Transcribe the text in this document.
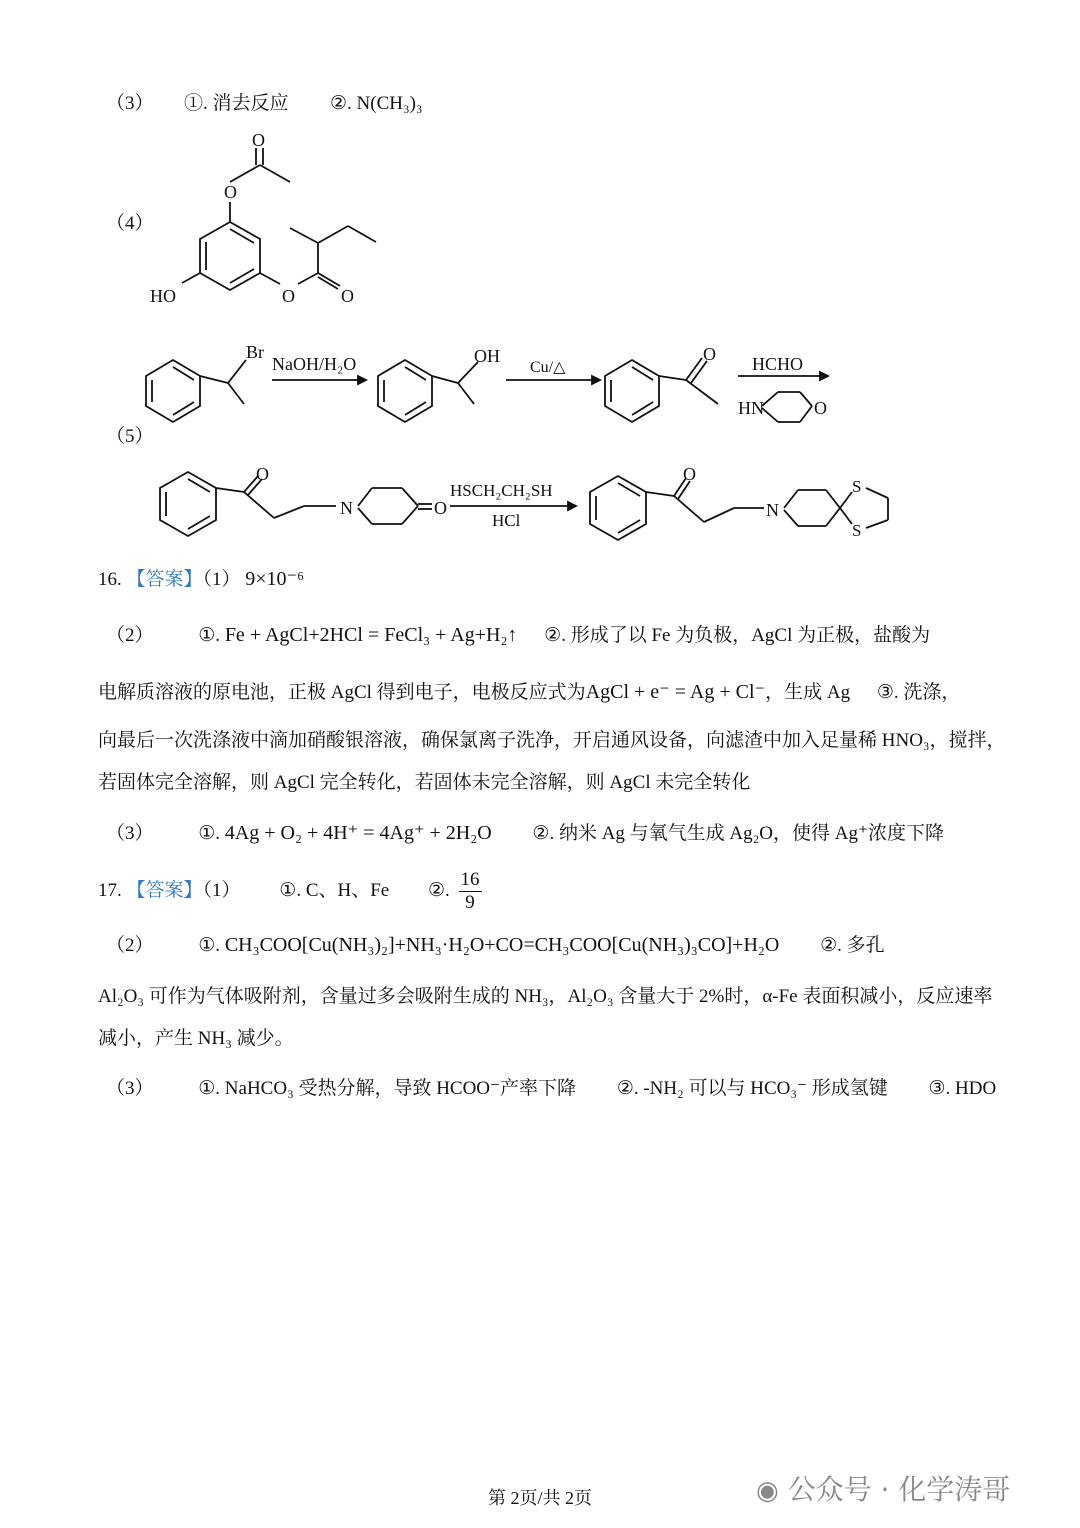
（3） ①. 消去反应 ②. N(CH₃)₃
（4）
O
O
HO	O	O
（5）
Br
NaOH/H₂O	OH
Cu/△
O HCHO
HN	O
O
N	O
HSCH₂CH₂SH
HCl
O
N
S
S
16. 【答案】（1） 9×10⁻⁶
（2） ①. Fe + AgCl+2HCl = FeCl₃ + Ag+H₂↑ ②. 形成了以 Fe 为负极，AgCl 为正极，盐酸为
电解质溶液的原电池，正极 AgCl 得到电子，电极反应式为AgCl + e⁻ = Ag + Cl⁻，生成 Ag ③. 洗涤，
向最后一次洗涤液中滴加硝酸银溶液，确保氯离子洗净，开启通风设备，向滤渣中加入足量稀 HNO₃，搅拌，
若固体完全溶解，则 AgCl 完全转化，若固体未完全溶解，则 AgCl 未完全转化
（3） ①. 4Ag + O₂ + 4H⁺ = 4Ag⁺ + 2H₂O ②. 纳米 Ag 与氧气生成 Ag₂O，使得 Ag⁺浓度下降
17. 【答案】（1） ①. C、H、Fe ②. $\frac{16}{9}$
（2） ①. CH₃COO[Cu(NH₃)₂]+NH₃·H₂O+CO=CH₃COO[Cu(NH₃)₃CO]+H₂O ②. 多孔
Al₂O₃ 可作为气体吸附剂，含量过多会吸附生成的 NH₃，Al₂O₃ 含量大于 2%时，α-Fe 表面积减小，反应速率
减小，产生 NH₃ 减少。
（3） ①. NaHCO₃ 受热分解，导致 HCOO⁻产率下降 ②. -NH₂ 可以与 HCO₃⁻ 形成氢键 ③. HDO
第 2页/共 2页	◉ 公众号 · 化学涛哥
